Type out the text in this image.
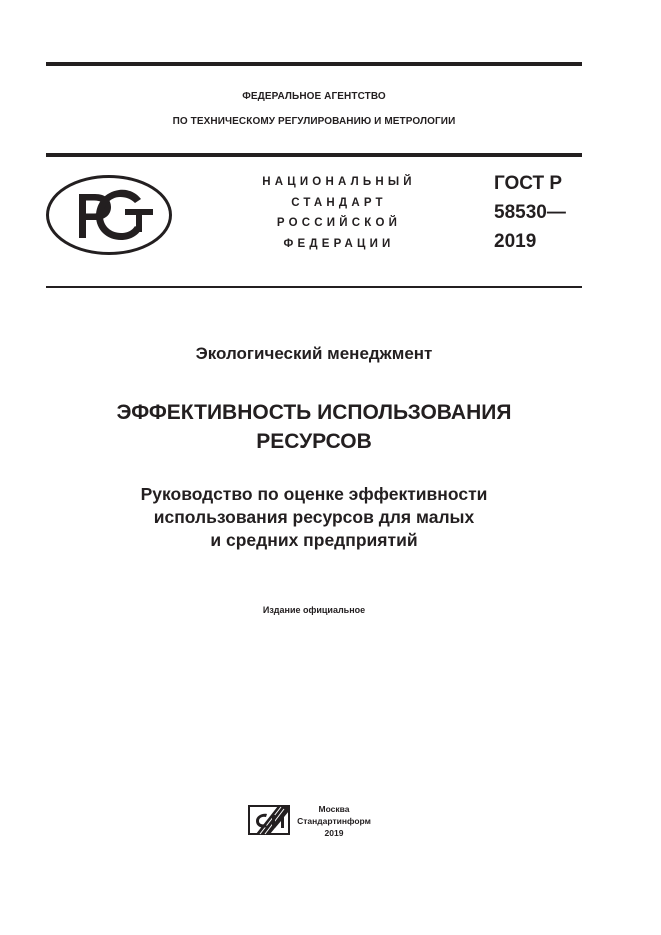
ФЕДЕРАЛЬНОЕ АГЕНТСТВО
ПО ТЕХНИЧЕСКОМУ РЕГУЛИРОВАНИЮ И МЕТРОЛОГИИ
НАЦИОНАЛЬНЫЙ
СТАНДАРТ
РОССИЙСКОЙ
ФЕДЕРАЦИИ
ГОСТ Р
58530—
2019
Экологический менеджмент
ЭФФЕКТИВНОСТЬ ИСПОЛЬЗОВАНИЯ
РЕСУРСОВ
Руководство по оценке эффективности
использования ресурсов для малых
и средних предприятий
Издание официальное
Москва
Стандартинформ
2019
